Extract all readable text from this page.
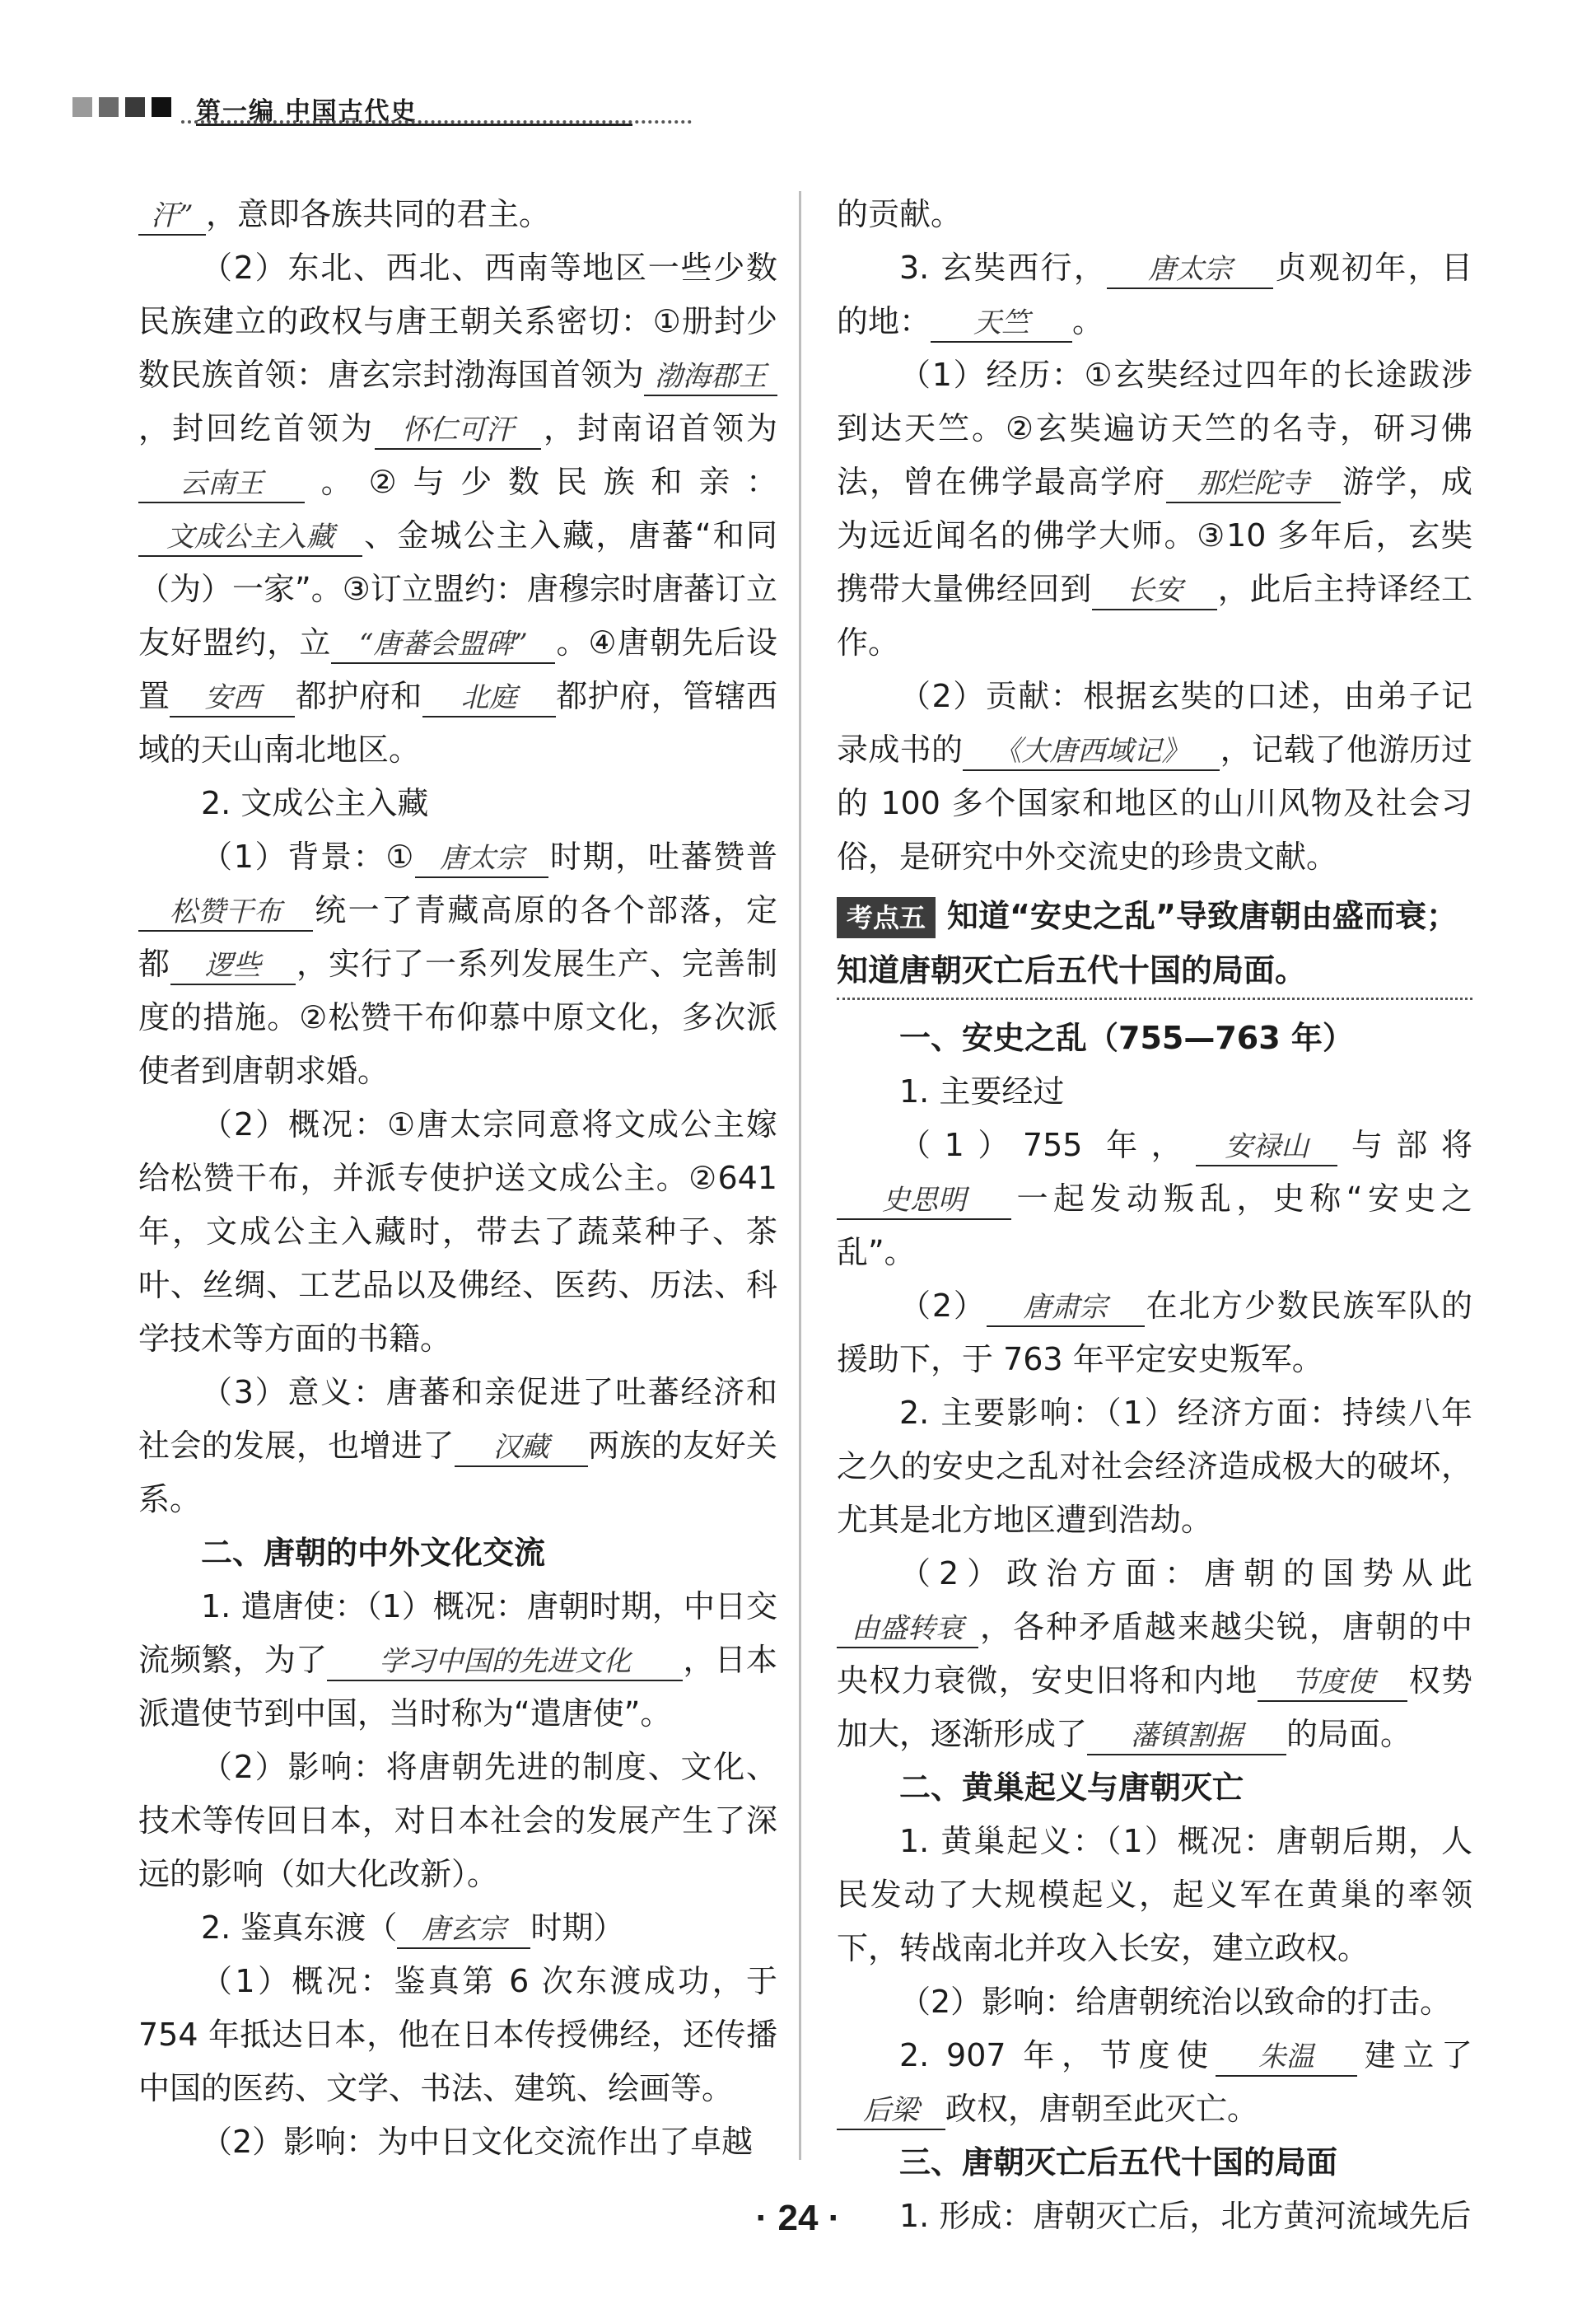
第一编 中国古代史

汗” ，意即各族共同的君主。

（2）东北、西北、西南等地区一些少数民族建立的政权与唐王朝关系密切：①册封少数民族首领：唐玄宗封渤海国首领为 渤海郡王，封回纥首领为 怀仁可汗 ，封南诏首领为云南王 。②与少数民族和亲：文成公主入藏 、金城公主入藏，唐蕃“和同（为）一家”。③订立盟约：唐穆宗时唐蕃订立友好盟约，立 “唐蕃会盟碑” 。④唐朝先后设置 安西 都护府和 北庭 都护府，管辖西域的天山南北地区。

2. 文成公主入藏

（1）背景：① 唐太宗 时期，吐蕃赞普松赞干布 统一了青藏高原的各个部落，定都 逻些 ，实行了一系列发展生产、完善制度的措施。②松赞干布仰慕中原文化，多次派使者到唐朝求婚。

（2）概况：①唐太宗同意将文成公主嫁给松赞干布，并派专使护送文成公主。②641年，文成公主入藏时，带去了蔬菜种子、茶叶、丝绸、工艺品以及佛经、医药、历法、科学技术等方面的书籍。

（3）意义：唐蕃和亲促进了吐蕃经济和社会的发展，也增进了 汉藏 两族的友好关系。

二、唐朝的中外文化交流

1. 遣唐使：（1）概况：唐朝时期，中日交流频繁，为了 学习中国的先进文化 ，日本派遣使节到中国，当时称为“遣唐使”。

（2）影响：将唐朝先进的制度、文化、技术等传回日本，对日本社会的发展产生了深远的影响（如大化改新）。

2. 鉴真东渡（ 唐玄宗 时期）

（1）概况：鉴真第 6 次东渡成功，于 754 年抵达日本，他在日本传授佛经，还传播中国的医药、文学、书法、建筑、绘画等。

（2）影响：为中日文化交流作出了卓越

的贡献。

3. 玄奘西行， 唐太宗 贞观初年，目的地： 天竺 。

（1）经历：①玄奘经过四年的长途跋涉到达天竺。②玄奘遍访天竺的名寺，研习佛法，曾在佛学最高学府 那烂陀寺 游学，成为远近闻名的佛学大师。③10 多年后，玄奘携带大量佛经回到 长安 ，此后主持译经工作。

（2）贡献：根据玄奘的口述，由弟子记录成书的 《大唐西域记》 ，记载了他游历过的 100 多个国家和地区的山川风物及社会习俗，是研究中外交流史的珍贵文献。

考点五 知道“安史之乱”导致唐朝由盛而衰；知道唐朝灭亡后五代十国的局面。

一、安史之乱（755—763 年）

1. 主要经过

（1）755 年， 安禄山 与部将史思明 一起发动叛乱，史称“安史之乱”。

（2） 唐肃宗 在北方少数民族军队的援助下，于 763 年平定安史叛军。

2. 主要影响：（1）经济方面：持续八年之久的安史之乱对社会经济造成极大的破坏，尤其是北方地区遭到浩劫。

（2）政治方面：唐朝的国势从此由盛转衰 ，各种矛盾越来越尖锐，唐朝的中央权力衰微，安史旧将和内地 节度使 权势加大，逐渐形成了 藩镇割据 的局面。

二、黄巢起义与唐朝灭亡

1. 黄巢起义：（1）概况：唐朝后期，人民发动了大规模起义，起义军在黄巢的率领下，转战南北并攻入长安，建立政权。

（2）影响：给唐朝统治以致命的打击。

2. 907 年，节度使 朱温 建立了后梁 政权，唐朝至此灭亡。

三、唐朝灭亡后五代十国的局面

1. 形成：唐朝灭亡后，北方黄河流域先后

· 24 ·
